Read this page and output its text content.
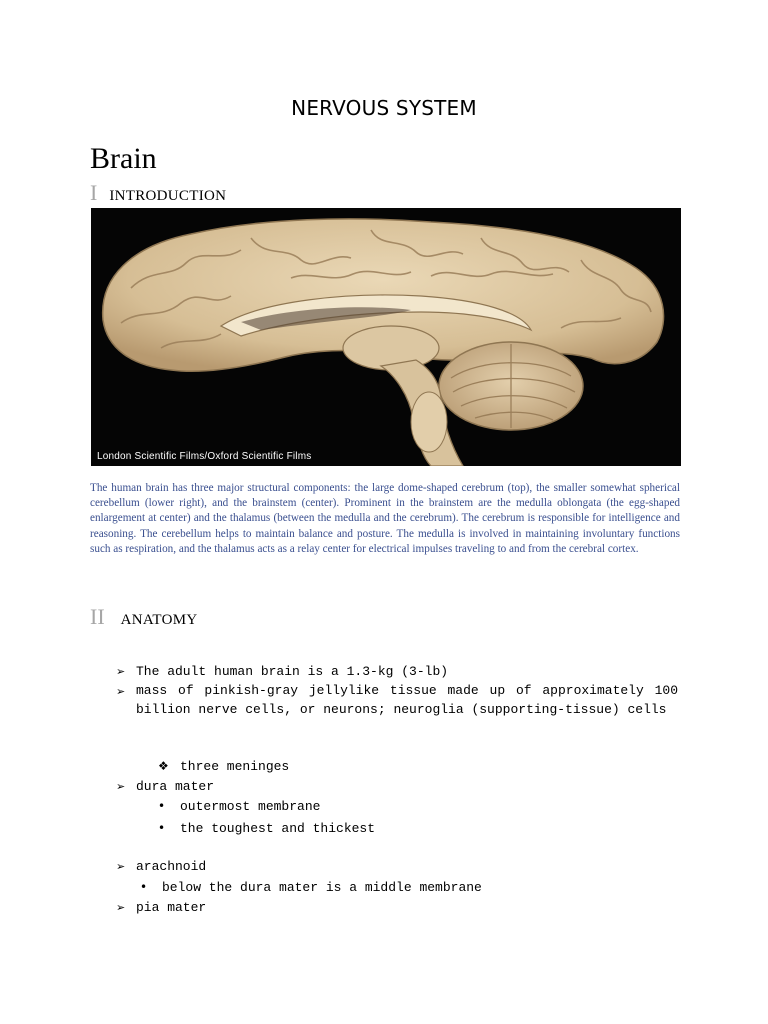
NERVOUS SYSTEM
Brain
I INTRODUCTION
London Scientific Films/Oxford Scientific Films
The human brain has three major structural components: the large dome-shaped cerebrum (top), the smaller somewhat spherical cerebellum (lower right), and the brainstem (center). Prominent in the brainstem are the medulla oblongata (the egg-shaped enlargement at center) and the thalamus (between the medulla and the cerebrum). The cerebrum is responsible for intelligence and reasoning. The cerebellum helps to maintain balance and posture. The medulla is involved in maintaining involuntary functions such as respiration, and the thalamus acts as a relay center for electrical impulses traveling to and from the cerebral cortex.
II ANATOMY
➢ The adult human brain is a 1.3-kg (3-lb)
➢ mass of pinkish-gray jellylike tissue made up of approximately 100 billion nerve cells, or neurons; neuroglia (supporting-tissue) cells
❖ three meninges
➢ dura mater
•	outermost membrane
•	the toughest and thickest
➢ arachnoid
•	below the dura mater is a middle membrane
➢ pia mater
